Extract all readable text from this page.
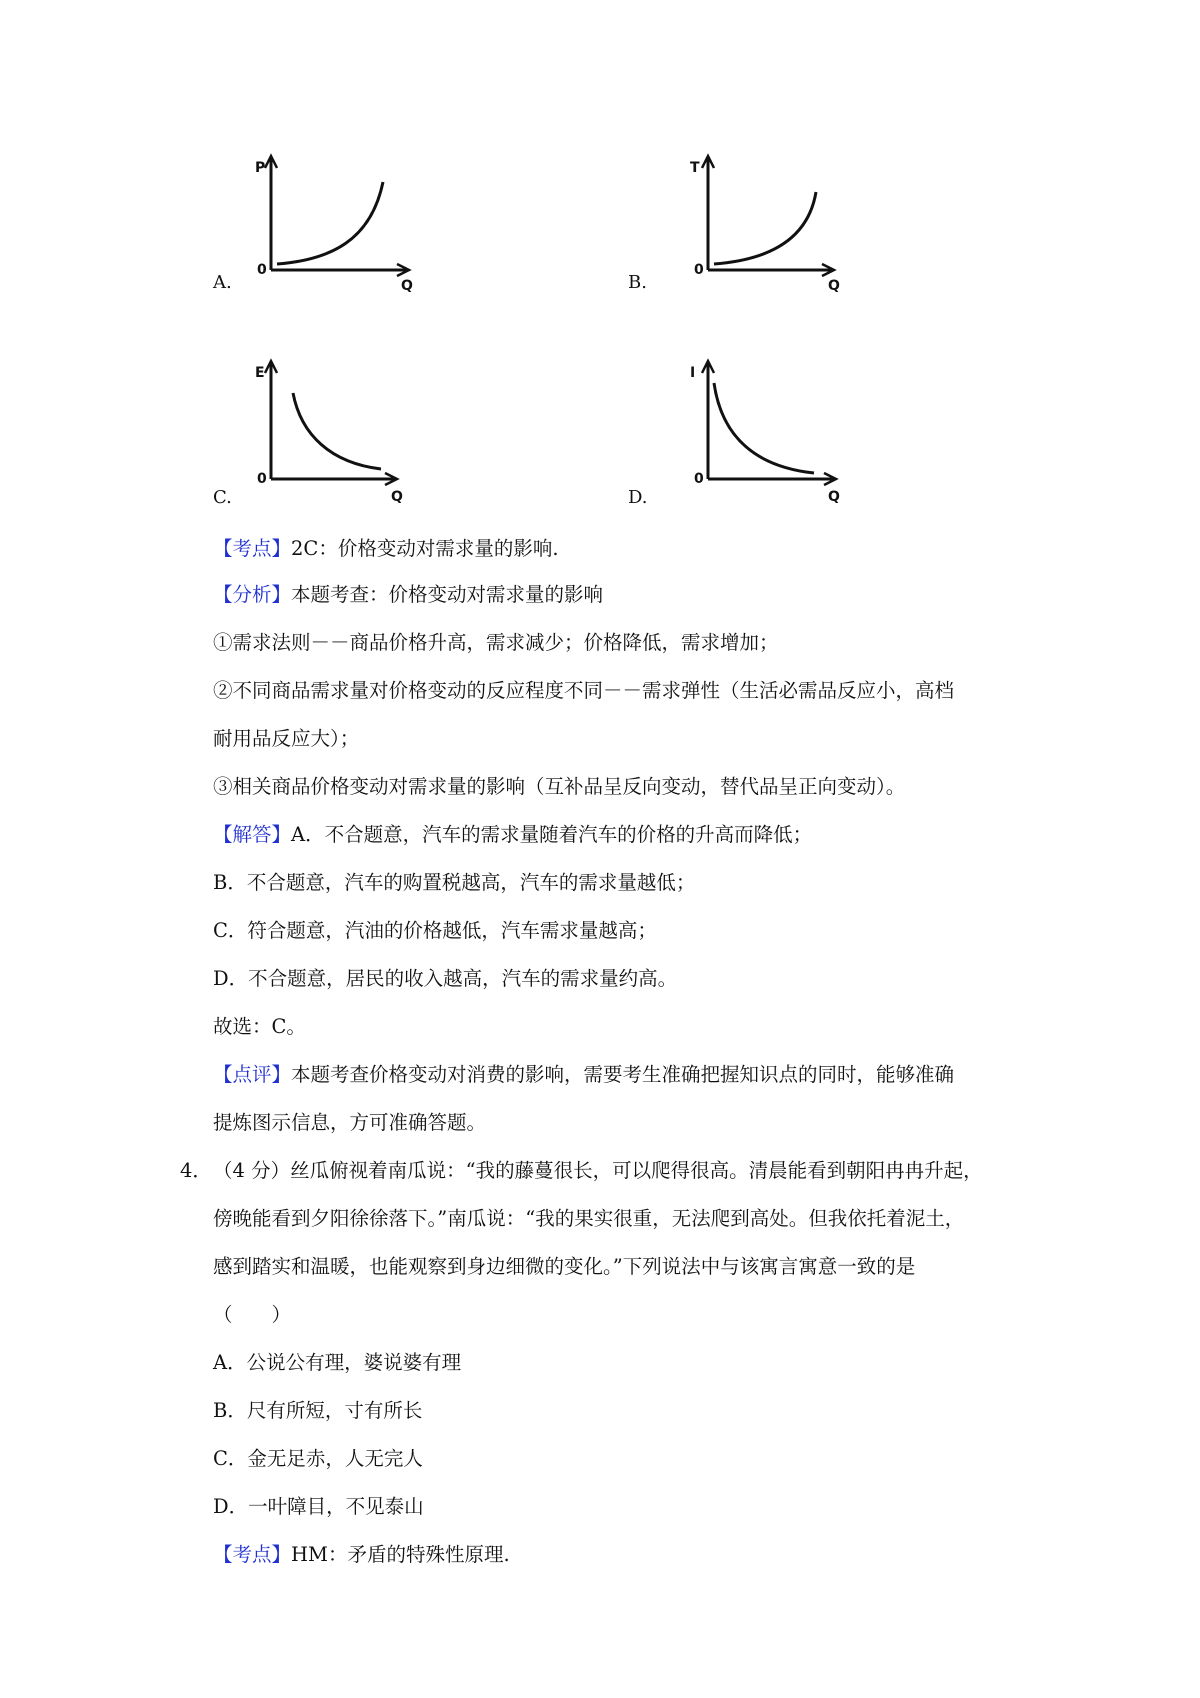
A.
P
0
Q	B.
T
0
Q
C.
E
0
Q	D.
I
0
Q
【考点】2C：价格变动对需求量的影响.
【分析】本题考查：价格变动对需求量的影响
①需求法则－－商品价格升高，需求减少；价格降低，需求增加；
②不同商品需求量对价格变动的反应程度不同－－需求弹性（生活必需品反应小，高档
耐用品反应大）；
③相关商品价格变动对需求量的影响（互补品呈反向变动，替代品呈正向变动）。
【解答】A．不合题意，汽车的需求量随着汽车的价格的升高而降低；
B．不合题意，汽车的购置税越高，汽车的需求量越低；
C．符合题意，汽油的价格越低，汽车需求量越高；
D．不合题意，居民的收入越高，汽车的需求量约高。
故选：C。
【点评】本题考查价格变动对消费的影响，需要考生准确把握知识点的同时，能够准确
提炼图示信息，方可准确答题。
4． （4 分）丝瓜俯视着南瓜说：“我的藤蔓很长，可以爬得很高。清晨能看到朝阳冉冉升起，
傍晚能看到夕阳徐徐落下。”南瓜说：“我的果实很重，无法爬到高处。但我依托着泥土，
感到踏实和温暖，也能观察到身边细微的变化。”下列说法中与该寓言寓意一致的是
（　　）
A．公说公有理，婆说婆有理
B．尺有所短，寸有所长
C．金无足赤，人无完人
D．一叶障目，不见泰山
【考点】HM：矛盾的特殊性原理.
